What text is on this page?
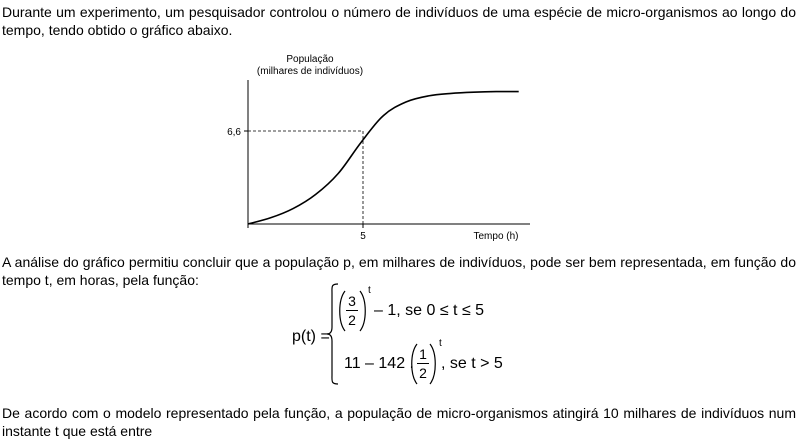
Durante um experimento, um pesquisador controlou o número de indivíduos de uma espécie de micro-organismos ao longo do
tempo, tendo obtido o gráfico abaixo.
População
(milhares de indivíduos)
6,6
5	Tempo (h)
A análise do gráfico permitiu concluir que a população p, em milhares de indivíduos, pode ser bem representada, em função do
tempo t, em horas, pela função:
p(t) =
3
2
t
– 1, se 0 ≤ t ≤ 5
11 – 142 .
1
2
t
, se t > 5
De acordo com o modelo representado pela função, a população de micro-organismos atingirá 10 milhares de indivíduos num
instante t que está entre
